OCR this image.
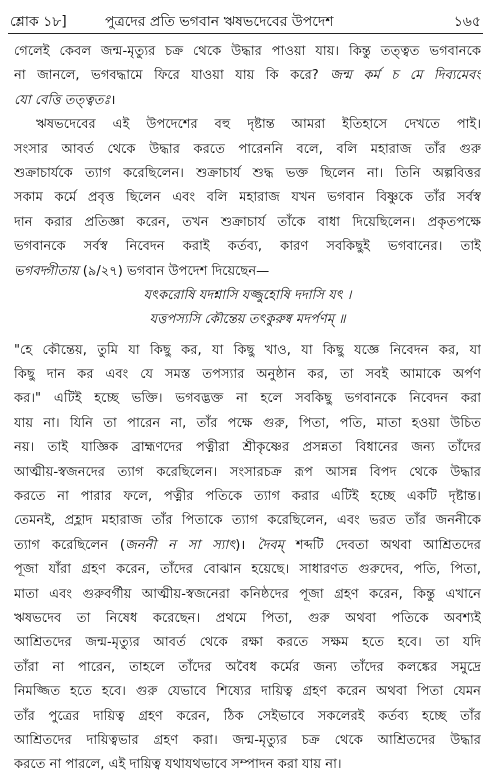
শ্লোক ১৮]	পুত্রদের প্রতি ভগবান ঋষভদেবের উপদেশ	১৬৫
গেলেই কেবল জন্ম-মৃত্যুর চক্র থেকে উদ্ধার পাওয়া যায়। কিন্তু তত্ত্বত ভগবানকে
না জানলে, ভগবদ্ধামে ফিরে যাওয়া যায় কি করে? জন্ম কর্ম চ মে দিব্যমেবং
যো বেত্তি তত্ত্বতঃ।
ঋষভদেবের এই উপদেশের বহু দৃষ্টান্ত আমরা ইতিহাসে দেখতে পাই।
সংসার আবর্ত থেকে উদ্ধার করতে পারেননি বলে, বলি মহারাজ তাঁর গুরু
শুক্রাচার্যকে ত্যাগ করেছিলেন। শুক্রাচার্য শুদ্ধ ভক্ত ছিলেন না। তিনি অল্পবিত্তর
সকাম কর্মে প্রবৃত্ত ছিলেন এবং বলি মহারাজ যখন ভগবান বিষ্ণুকে তাঁর সর্বস্ব
দান করার প্রতিজ্ঞা করেন, তখন শুক্রাচার্য তাঁকে বাধা দিয়েছিলেন। প্রকৃতপক্ষে
ভগবানকে সর্বস্ব নিবেদন করাই কর্তব্য, কারণ সবকিছুই ভগবানের। তাই
ভগবদ্গীতায় (৯/২৭) ভগবান উপদেশ দিয়েছেন—
যৎকরোষি যদশ্নাসি যজ্জুহোষি দদাসি যৎ ।
যত্তপস্যসি কৌন্তেয় তৎকুরুষ্ব মদর্পণম্ ॥
"হে কৌন্তেয়, তুমি যা কিছু কর, যা কিছু খাও, যা কিছু যজ্ঞে নিবেদন কর, যা
কিছু দান কর এবং যে সমস্ত তপস্যার অনুষ্ঠান কর, তা সবই আমাকে অর্পণ
কর।" এটিই হচ্ছে ভক্তি। ভগবদ্ভক্ত না হলে সবকিছু ভগবানকে নিবেদন করা
যায় না। যিনি তা পারেন না, তাঁর পক্ষে গুরু, পিতা, পতি, মাতা হওয়া উচিত
নয়। তাই যাজ্ঞিক ব্রাহ্মণদের পত্নীরা শ্রীকৃষ্ণের প্রসন্নতা বিধানের জন্য তাঁদের
আত্মীয়-স্বজনদের ত্যাগ করেছিলেন। সংসারচক্র রূপ আসন্ন বিপদ থেকে উদ্ধার
করতে না পারার ফলে, পত্নীর পতিকে ত্যাগ করার এটিই হচ্ছে একটি দৃষ্টান্ত।
তেমনই, প্রহ্লাদ মহারাজ তাঁর পিতাকে ত্যাগ করেছিলেন, এবং ভরত তাঁর জননীকে
ত্যাগ করেছিলেন (জননী ন সা স্যাৎ)। দৈবম্ শব্দটি দেবতা অথবা আশ্রিতদের
পূজা যাঁরা গ্রহণ করেন, তাঁদের বোঝান হয়েছে। সাধারণত গুরুদেব, পতি, পিতা,
মাতা এবং গুরুবর্গীয় আত্মীয়-স্বজনেরা কনিষ্ঠদের পূজা গ্রহণ করেন, কিন্তু এখানে
ঋষভদেব তা নিষেধ করেছেন। প্রথমে পিতা, গুরু অথবা পতিকে অবশ্যই
আশ্রিতদের জন্ম-মৃত্যুর আবর্ত থেকে রক্ষা করতে সক্ষম হতে হবে। তা যদি
তাঁরা না পারেন, তাহলে তাঁদের অবৈধ কর্মের জন্য তাঁদের কলঙ্কের সমুদ্রে
নিমজ্জিত হতে হবে। গুরু যেভাবে শিষ্যের দায়িত্ব গ্রহণ করেন অথবা পিতা যেমন
তাঁর পুত্রের দায়িত্ব গ্রহণ করেন, ঠিক সেইভাবে সকলেরই কর্তব্য হচ্ছে তাঁর
আশ্রিতদের দায়িত্বভার গ্রহণ করা। জন্ম-মৃত্যুর চক্র থেকে আশ্রিতদের উদ্ধার
করতে না পারলে, এই দায়িত্ব যথাযথভাবে সম্পাদন করা যায় না।
